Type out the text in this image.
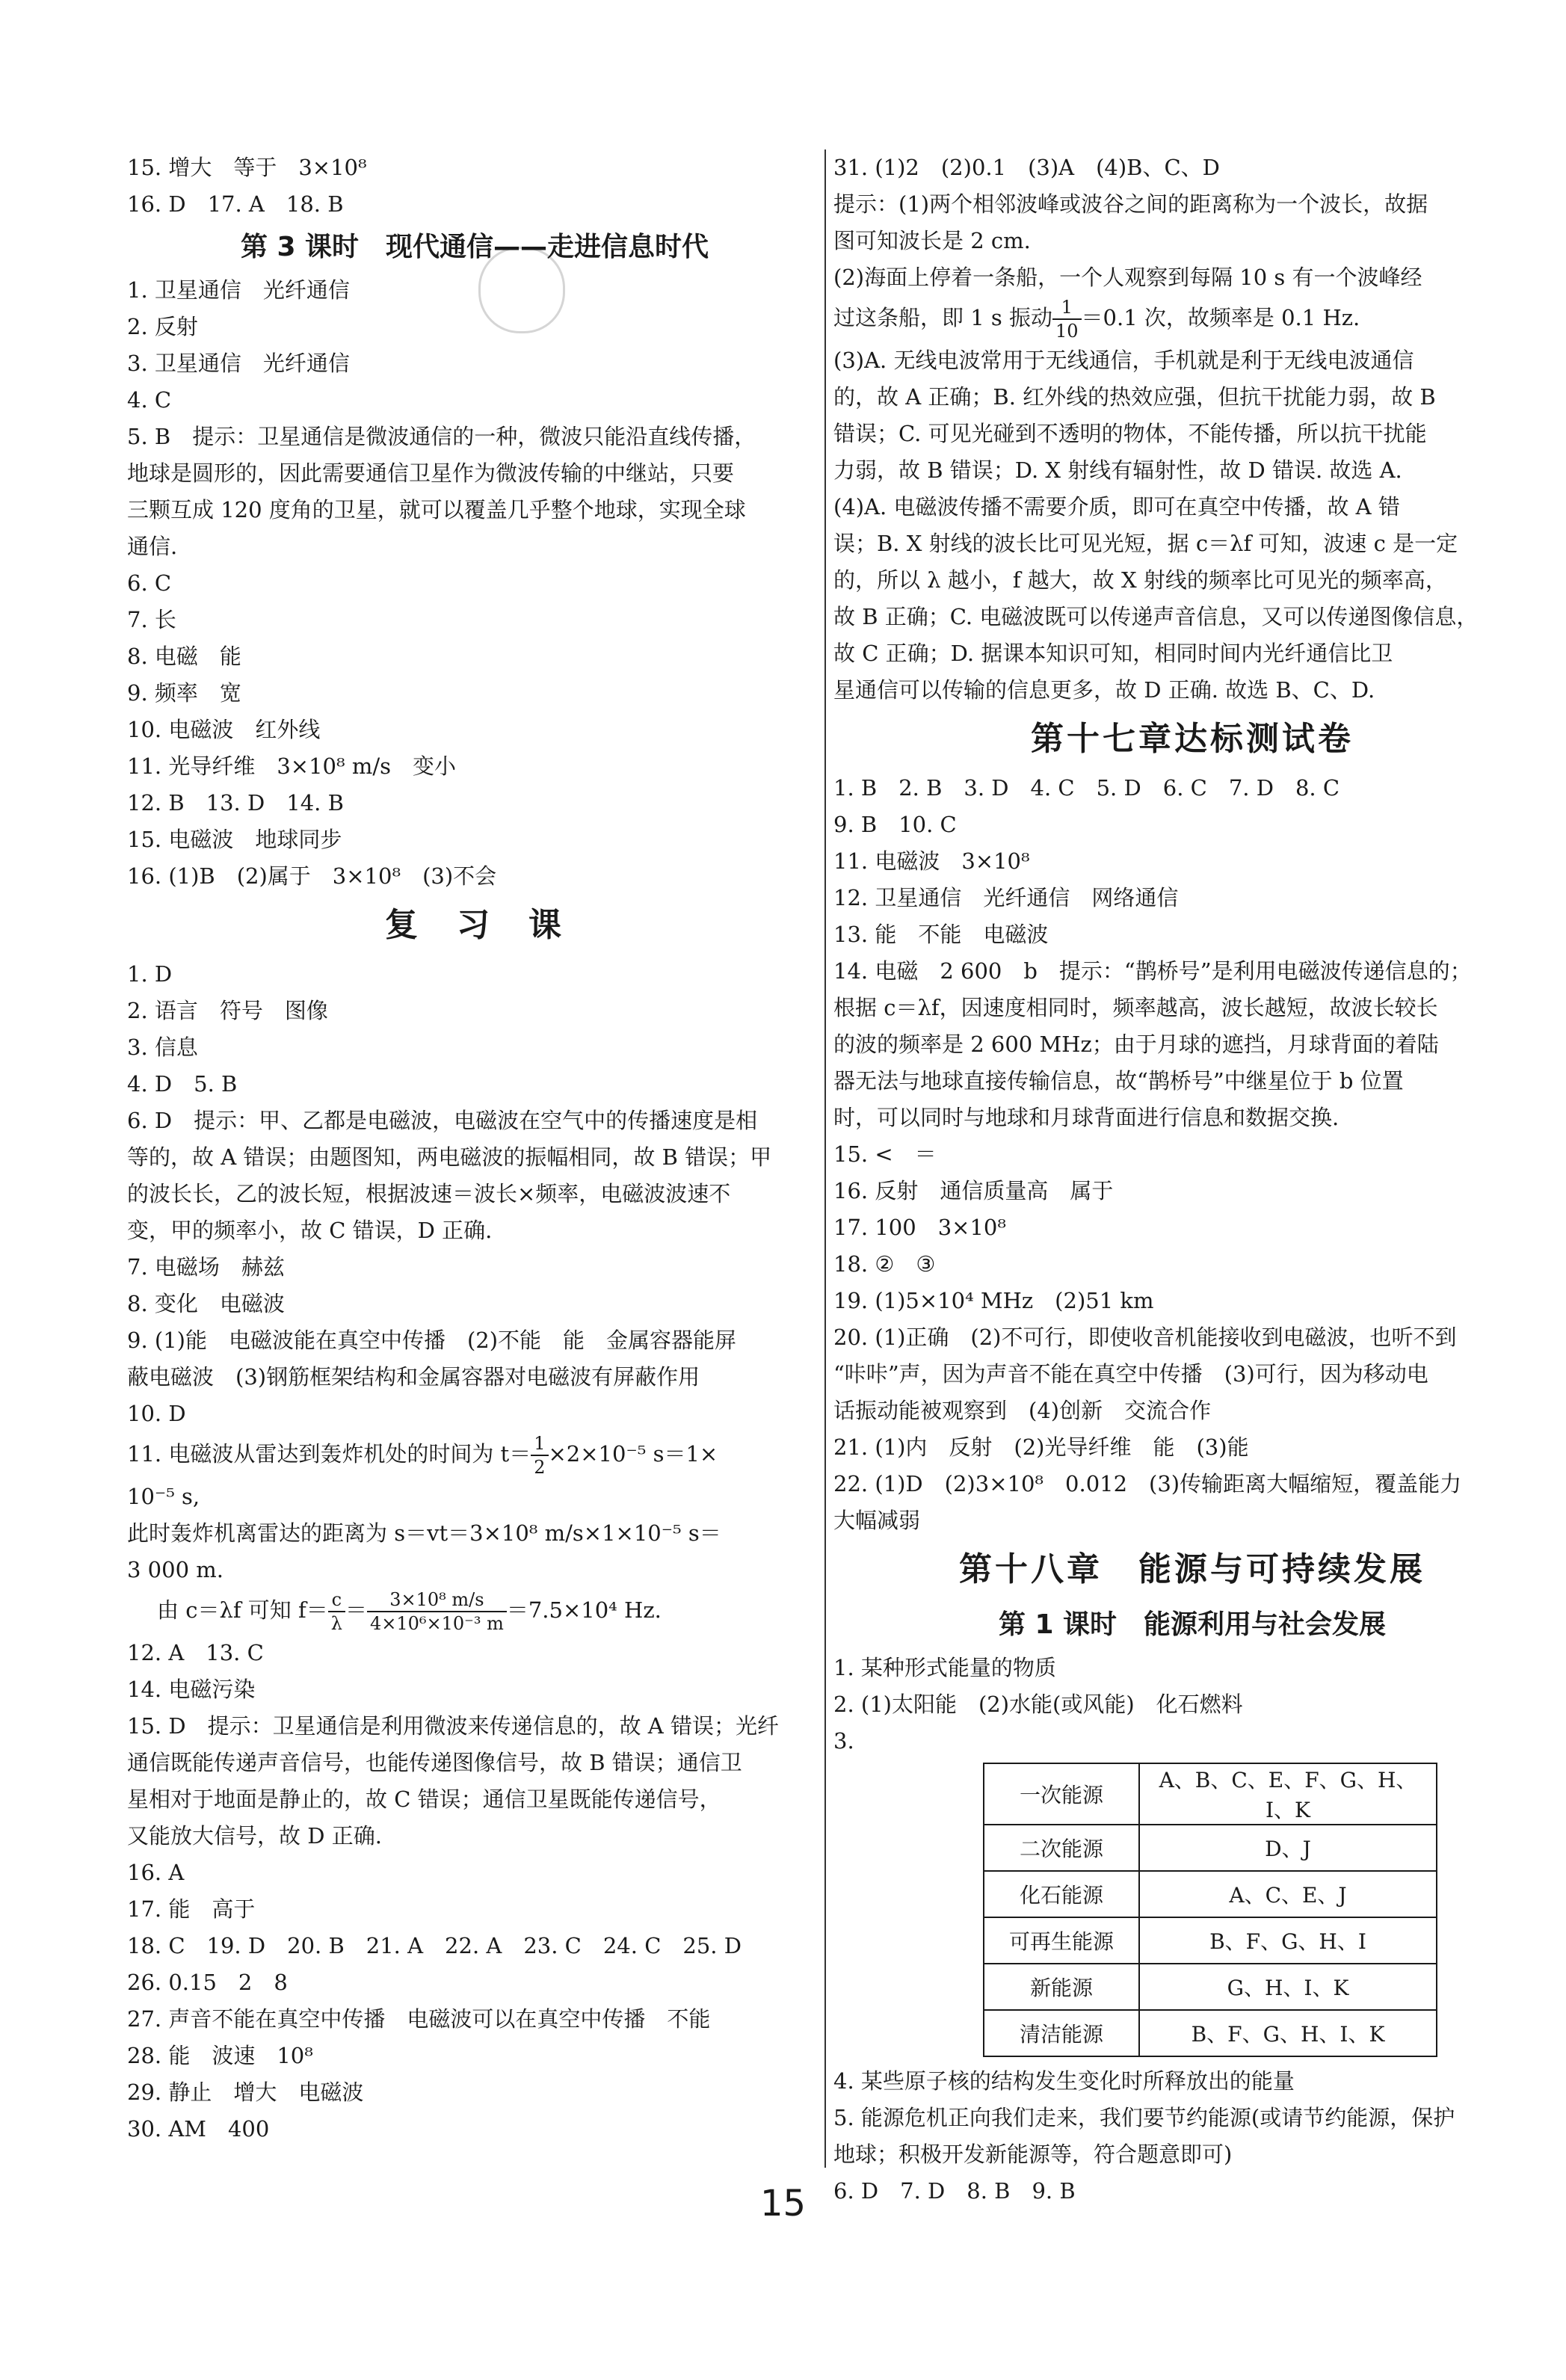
15. 增大　等于　3×10⁸
16. D　17. A　18. B
第 3 课时　现代通信——走进信息时代
1. 卫星通信　光纤通信
2. 反射
3. 卫星通信　光纤通信
4. C
5. B　提示：卫星通信是微波通信的一种，微波只能沿直线传播，
地球是圆形的，因此需要通信卫星作为微波传输的中继站，只要
三颗互成 120 度角的卫星，就可以覆盖几乎整个地球，实现全球
通信.
6. C
7. 长
8. 电磁　能
9. 频率　宽
10. 电磁波　红外线
11. 光导纤维　3×10⁸ m/s　变小
12. B　13. D　14. B
15. 电磁波　地球同步
16. (1)B　(2)属于　3×10⁸　(3)不会
复　习　课
1. D
2. 语言　符号　图像
3. 信息
4. D　5. B
6. D　提示：甲、乙都是电磁波，电磁波在空气中的传播速度是相
等的，故 A 错误；由题图知，两电磁波的振幅相同，故 B 错误；甲
的波长长，乙的波长短，根据波速＝波长×频率，电磁波波速不
变，甲的频率小，故 C 错误，D 正确.
7. 电磁场　赫兹
8. 变化　电磁波
9. (1)能　电磁波能在真空中传播　(2)不能　能　金属容器能屏
蔽电磁波　(3)钢筋框架结构和金属容器对电磁波有屏蔽作用
10. D
11. 电磁波从雷达到轰炸机处的时间为 $t= \frac{1}{2} \times 2\times 10^{-5}$ s＝1×
10⁻⁵ s,
此时轰炸机离雷达的距离为 s＝vt＝3×10⁸ m/s×1×10⁻⁵ s＝
3 000 m.
由 c＝λf 可知 $f= \frac{c}{\lambda} = \frac{\text{3×10⁸ m/s}}{\text{4×10⁶×10⁻³ m}} =7.5\times 10^4$ Hz.
12. A　13. C
14. 电磁污染
15. D　提示：卫星通信是利用微波来传递信息的，故 A 错误；光纤
通信既能传递声音信号，也能传递图像信号，故 B 错误；通信卫
星相对于地面是静止的，故 C 错误；通信卫星既能传递信号，
又能放大信号，故 D 正确.
16. A
17. 能　高于
18. C　19. D　20. B　21. A　22. A　23. C　24. C　25. D
26. 0.15　2　8
27. 声音不能在真空中传播　电磁波可以在真空中传播　不能
28. 能　波速　10⁸
29. 静止　增大　电磁波
30. AM　400
31. (1)2　(2)0.1　(3)A　(4)B、C、D
提示：(1)两个相邻波峰或波谷之间的距离称为一个波长，故据
图可知波长是 2 cm.
(2)海面上停着一条船，一个人观察到每隔 10 s 有一个波峰经
过这条船，即 1 s 振动 $\frac{1}{10} =0.1$ 次，故频率是 0.1 Hz.
(3)A. 无线电波常用于无线通信，手机就是利于无线电波通信
的，故 A 正确；B. 红外线的热效应强，但抗干扰能力弱，故 B
错误；C. 可见光碰到不透明的物体，不能传播，所以抗干扰能
力弱，故 B 错误；D. X 射线有辐射性，故 D 错误. 故选 A.
(4)A. 电磁波传播不需要介质，即可在真空中传播，故 A 错
误；B. X 射线的波长比可见光短，据 c＝λf 可知，波速 c 是一定
的，所以 λ 越小，f 越大，故 X 射线的频率比可见光的频率高，
故 B 正确；C. 电磁波既可以传递声音信息，又可以传递图像信息，
故 C 正确；D. 据课本知识可知，相同时间内光纤通信比卫
星通信可以传输的信息更多，故 D 正确. 故选 B、C、D.
第十七章达标测试卷
1. B　2. B　3. D　4. C　5. D　6. C　7. D　8. C
9. B　10. C
11. 电磁波　3×10⁸
12. 卫星通信　光纤通信　网络通信
13. 能　不能　电磁波
14. 电磁　2 600　b　提示：“鹊桥号”是利用电磁波传递信息的；
根据 c＝λf，因速度相同时，频率越高，波长越短，故波长较长
的波的频率是 2 600 MHz；由于月球的遮挡，月球背面的着陆
器无法与地球直接传输信息，故“鹊桥号”中继星位于 b 位置
时，可以同时与地球和月球背面进行信息和数据交换.
15. <　＝
16. 反射　通信质量高　属于
17. 100　3×10⁸
18. ②　③
19. (1)5×10⁴ MHz　(2)51 km
20. (1)正确　(2)不可行，即使收音机能接收到电磁波，也听不到
“咔咔”声，因为声音不能在真空中传播　(3)可行，因为移动电
话振动能被观察到　(4)创新　交流合作
21. (1)内　反射　(2)光导纤维　能　(3)能
22. (1)D　(2)3×10⁸　0.012　(3)传输距离大幅缩短，覆盖能力
大幅减弱
第十八章　能源与可持续发展
第 1 课时　能源利用与社会发展
1. 某种形式能量的物质
2. (1)太阳能　(2)水能(或风能)　化石燃料
3.
一次能源	A、B、C、E、F、G、H、I、K
二次能源	D、J
化石能源	A、C、E、J
可再生能源	B、F、G、H、I
新能源	G、H、I、K
清洁能源	B、F、G、H、I、K
4. 某些原子核的结构发生变化时所释放出的能量
5. 能源危机正向我们走来，我们要节约能源(或请节约能源，保护
地球；积极开发新能源等，符合题意即可)
6. D　7. D　8. B　9. B
15
